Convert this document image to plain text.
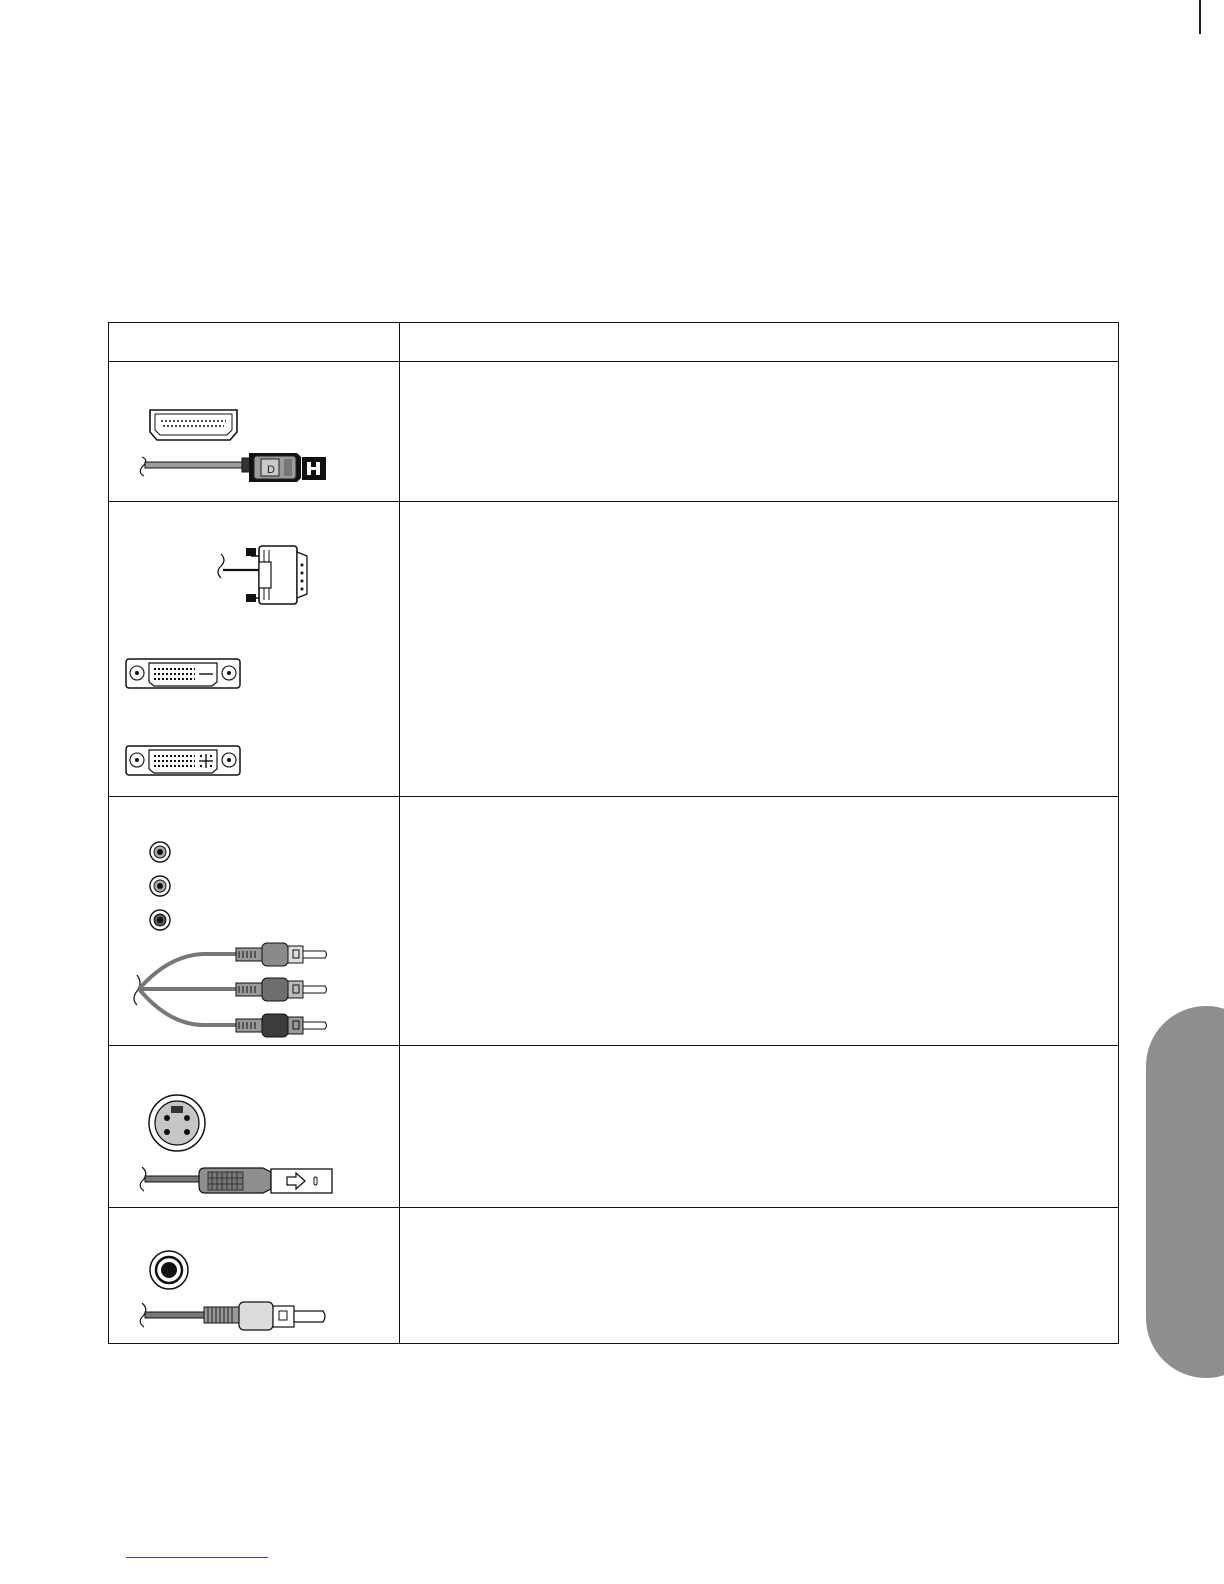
D	
